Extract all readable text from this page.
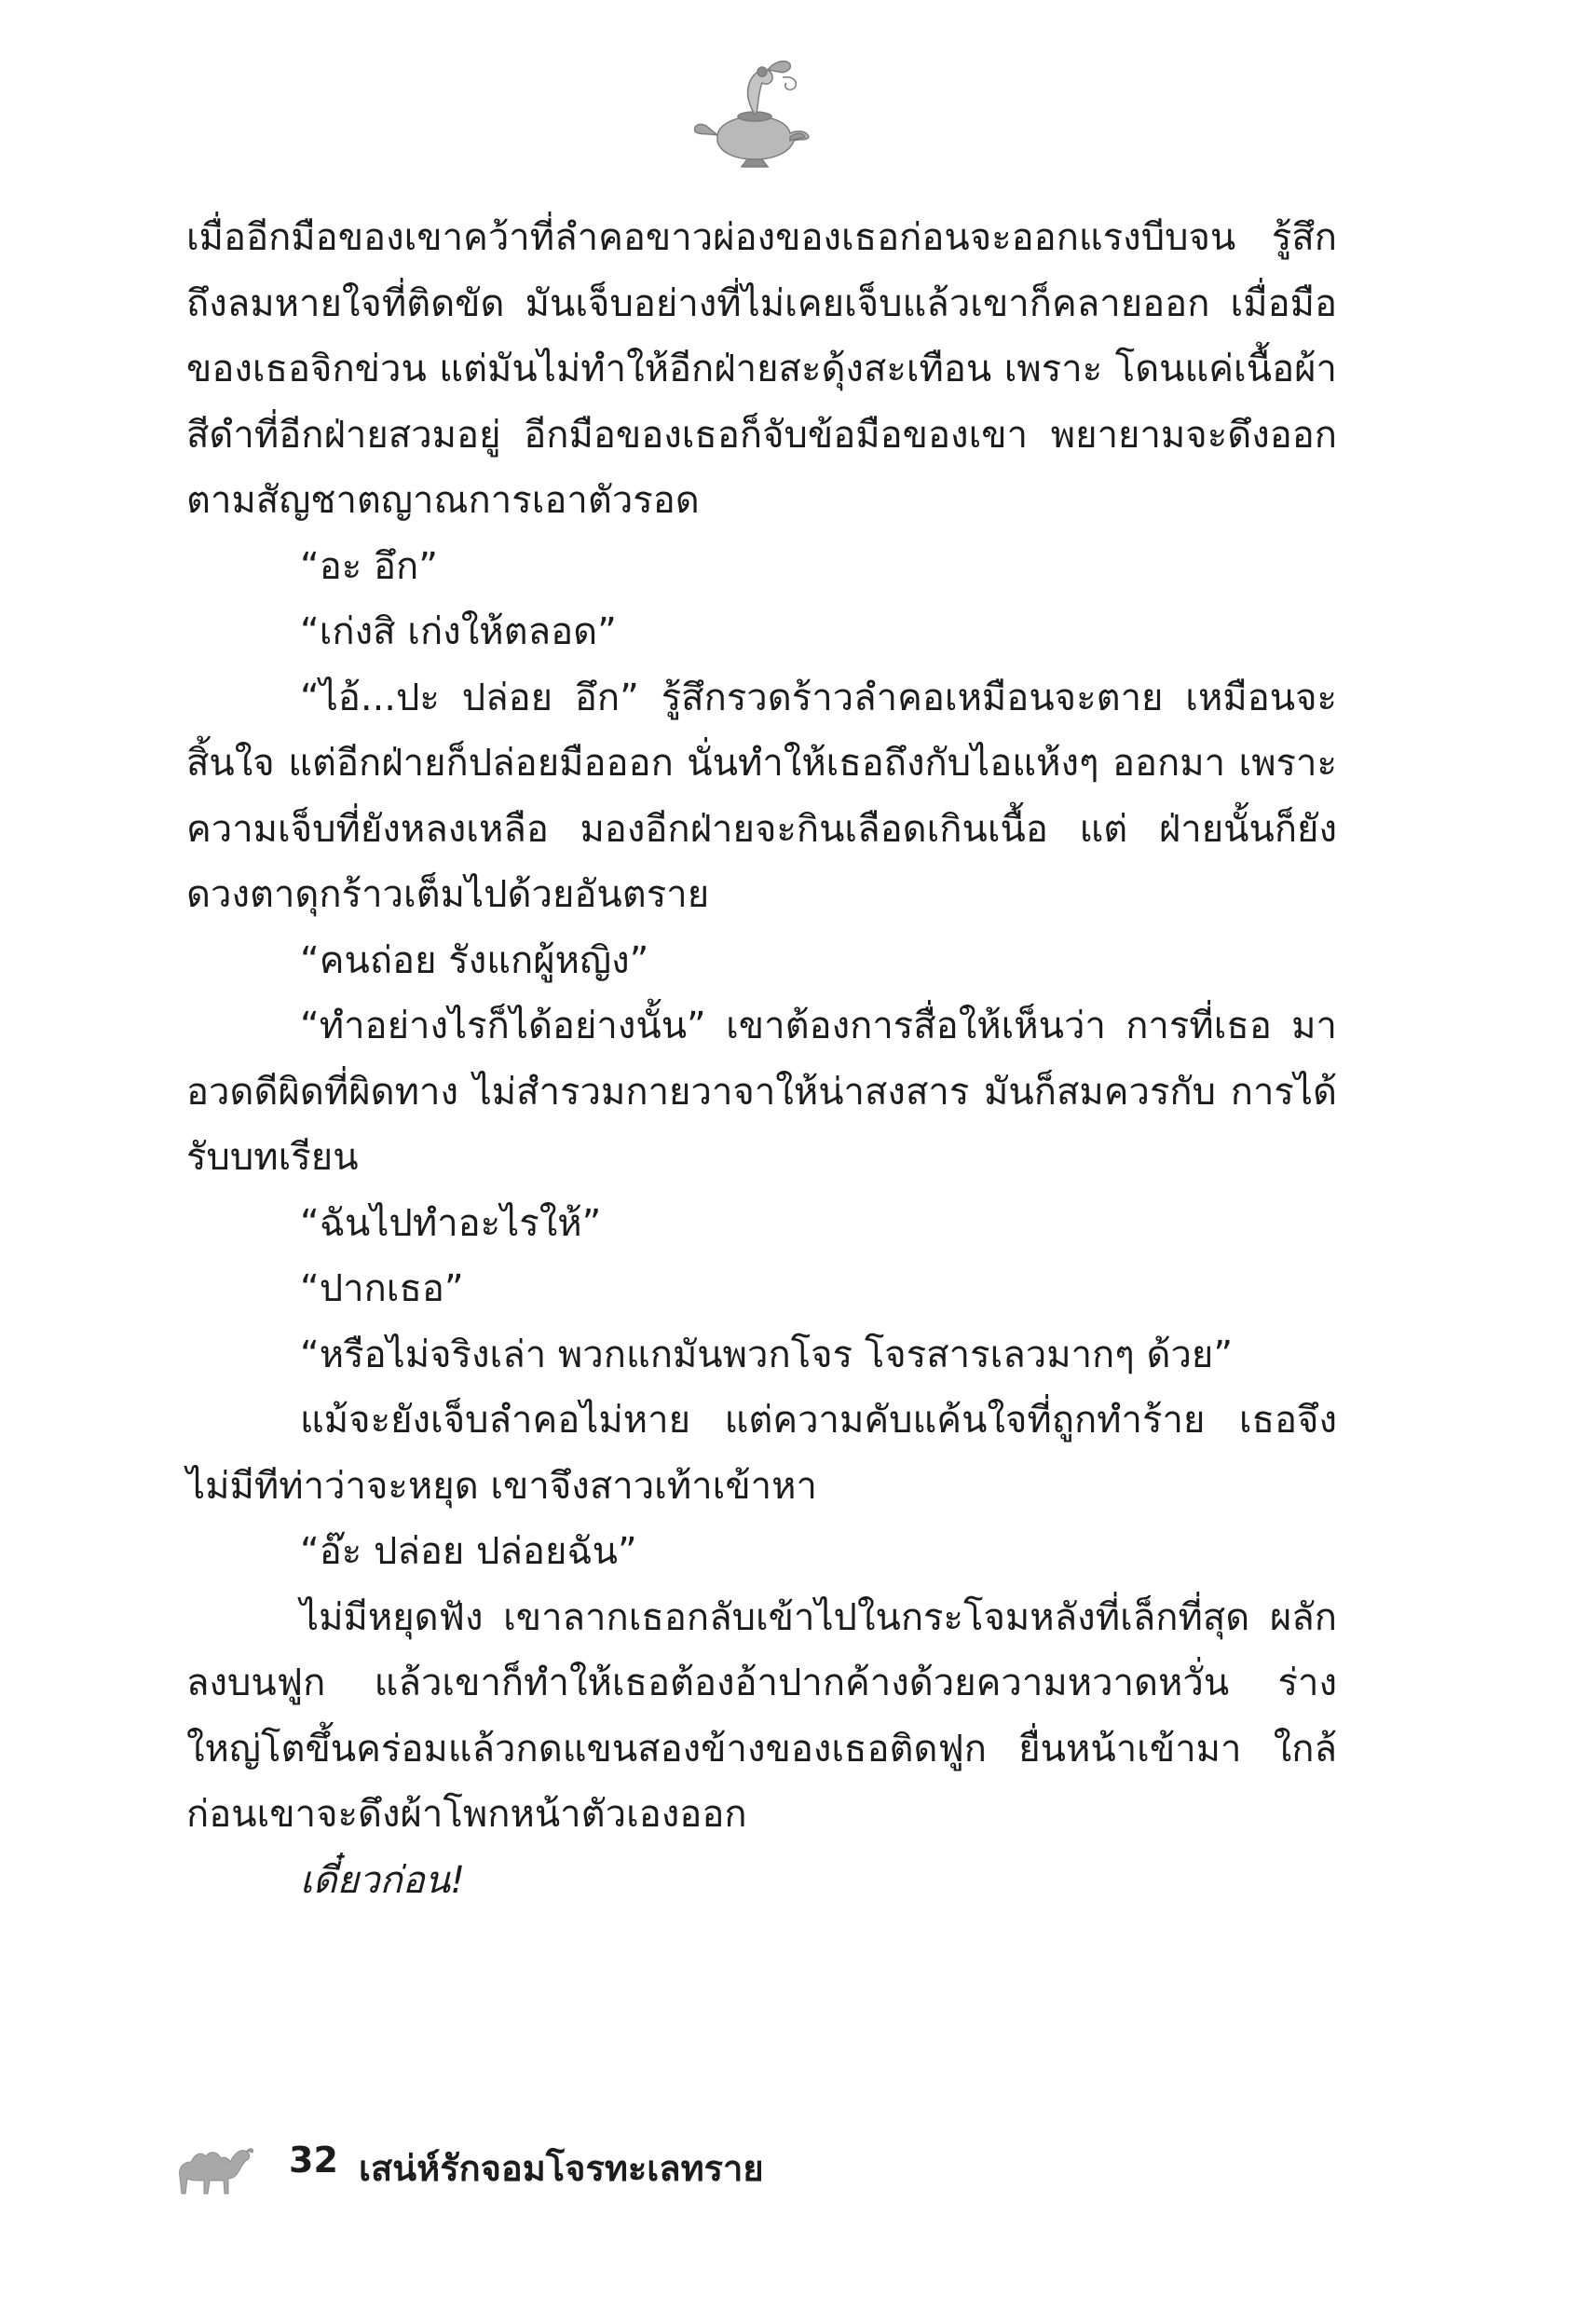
เมื่ออีกมือของเขาคว้าที่ลำคอขาวผ่องของเธอก่อนจะออกแรงบีบจน รู้สึกถึงลมหายใจที่ติดขัด มันเจ็บอย่างที่ไม่เคยเจ็บแล้วเขาก็คลายออก เมื่อมือของเธอจิกข่วน แต่มันไม่ทำให้อีกฝ่ายสะดุ้งสะเทือน เพราะ โดนแค่เนื้อผ้าสีดำที่อีกฝ่ายสวมอยู่ อีกมือของเธอก็จับข้อมือของเขา พยายามจะดึงออกตามสัญชาตญาณการเอาตัวรอด

“อะ อึก”

“เก่งสิ เก่งให้ตลอด”

“ไอ้...ปะ ปล่อย อึก” รู้สึกรวดร้าวลำคอเหมือนจะตาย เหมือนจะ สิ้นใจ แต่อีกฝ่ายก็ปล่อยมือออก นั่นทำให้เธอถึงกับไอแห้งๆ ออกมา เพราะความเจ็บที่ยังหลงเหลือ มองอีกฝ่ายจะกินเลือดเกินเนื้อ แต่ ฝ่ายนั้นก็ยังดวงตาดุกร้าวเต็มไปด้วยอันตราย

“คนถ่อย รังแกผู้หญิง”

“ทำอย่างไรก็ได้อย่างนั้น” เขาต้องการสื่อให้เห็นว่า การที่เธอ มาอวดดีผิดที่ผิดทาง ไม่สำรวมกายวาจาให้น่าสงสาร มันก็สมควรกับ การได้รับบทเรียน

“ฉันไปทำอะไรให้”

“ปากเธอ”

“หรือไม่จริงเล่า พวกแกมันพวกโจร โจรสารเลวมากๆ ด้วย”

แม้จะยังเจ็บลำคอไม่หาย แต่ความคับแค้นใจที่ถูกทำร้าย เธอจึง ไม่มีทีท่าว่าจะหยุด เขาจึงสาวเท้าเข้าหา

“อ๊ะ ปล่อย ปล่อยฉัน”

ไม่มีหยุดฟัง เขาลากเธอกลับเข้าไปในกระโจมหลังที่เล็กที่สุด ผลักลงบนฟูก แล้วเขาก็ทำให้เธอต้องอ้าปากค้างด้วยความหวาดหวั่น ร่างใหญ่โตขึ้นคร่อมแล้วกดแขนสองข้างของเธอติดฟูก ยื่นหน้าเข้ามา ใกล้ ก่อนเขาจะดึงผ้าโพกหน้าตัวเองออก

เดี๋ยวก่อน!

32 เสน่ห์รักจอมโจรทะเลทราย
